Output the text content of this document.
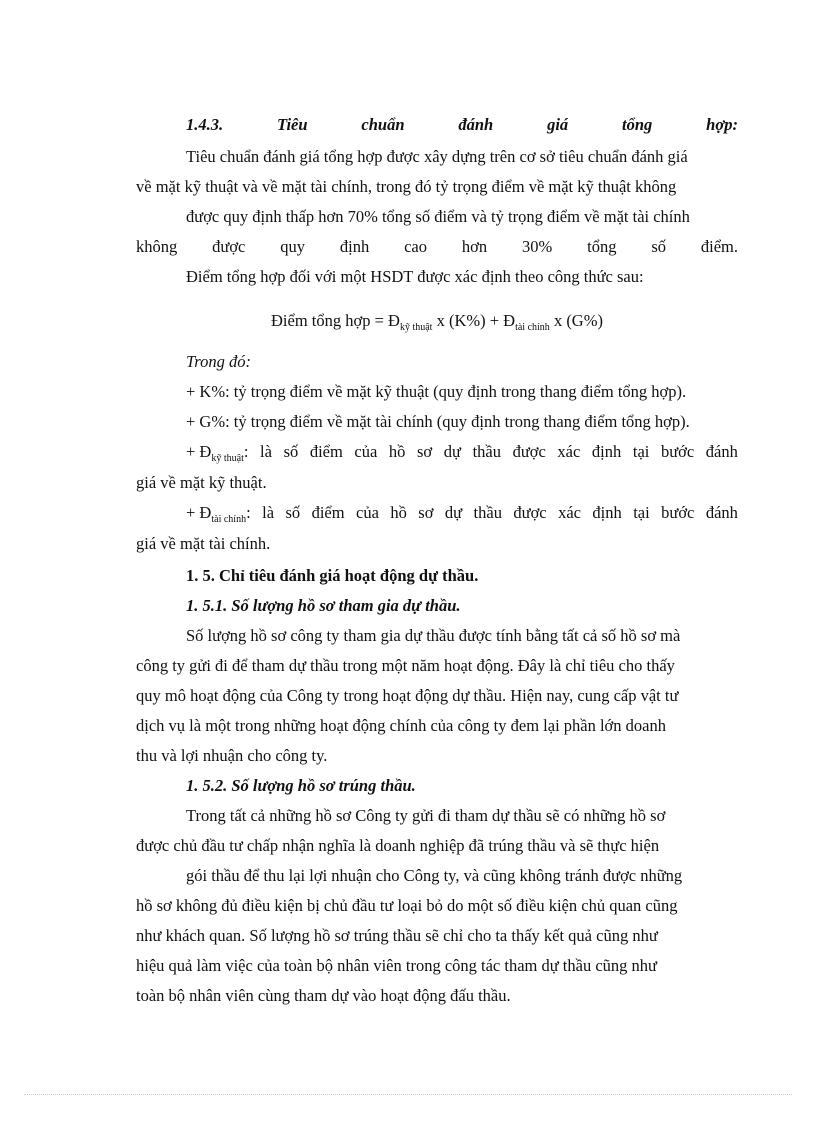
1.4.3.	Tiêu	chuẩn	đánh	giá	tổng	hợp:
Tiêu chuẩn đánh giá tổng hợp được xây dựng trên cơ sở tiêu chuẩn đánh giá
về mặt kỹ thuật và về mặt tài chính, trong đó tỷ trọng điểm về mặt kỹ thuật không
được quy định thấp hơn 70% tổng số điểm và tỷ trọng điểm về mặt tài chính
không được quy định cao hơn 30% tổng số điểm.
Điểm tổng hợp đối với một HSDT được xác định theo công thức sau:
Điểm tổng hợp = $Đ_{kỹ thuật}$ x $(K\%) + Đ_{tài chính}$ x (G%)
Trong đó:
+ K%: tỷ trọng điểm về mặt kỹ thuật (quy định trong thang điểm tổng hợp).
+ G%: tỷ trọng điểm về mặt tài chính (quy định trong thang điểm tổng hợp).
+ $Đ_{kỹ thuật}$: là số điểm của hồ sơ dự thầu được xác định tại bước đánh
giá về mặt kỹ thuật.
+ $Đ_{tài chính}$: là số điểm của hồ sơ dự thầu được xác định tại bước đánh
giá về mặt tài chính.
1. 5. Chỉ tiêu đánh giá hoạt động dự thầu.
1. 5.1. Số lượng hồ sơ tham gia dự thầu.
Số lượng hồ sơ công ty tham gia dự thầu được tính bằng tất cả số hồ sơ mà
công ty gửi đi để tham dự thầu trong một năm hoạt động. Đây là chỉ tiêu cho thấy
quy mô hoạt động của Công ty trong hoạt động dự thầu. Hiện nay, cung cấp vật tư
dịch vụ là một trong những hoạt động chính của công ty đem lại phần lớn doanh
thu và lợi nhuận cho công ty.
1. 5.2. Số lượng hồ sơ trúng thầu.
Trong tất cả những hồ sơ Công ty gửi đi tham dự thầu sẽ có những hồ sơ
được chủ đầu tư chấp nhận nghĩa là doanh nghiệp đã trúng thầu và sẽ thực hiện
gói thầu để thu lại lợi nhuận cho Công ty, và cũng không tránh được những
hồ sơ không đủ điều kiện bị chủ đầu tư loại bỏ do một số điều kiện chủ quan cũng
như khách quan. Số lượng hồ sơ trúng thầu sẽ chỉ cho ta thấy kết quả cũng như
hiệu quả làm việc của toàn bộ nhân viên trong công tác tham dự thầu cũng như
toàn bộ nhân viên cùng tham dự vào hoạt động đấu thầu.
